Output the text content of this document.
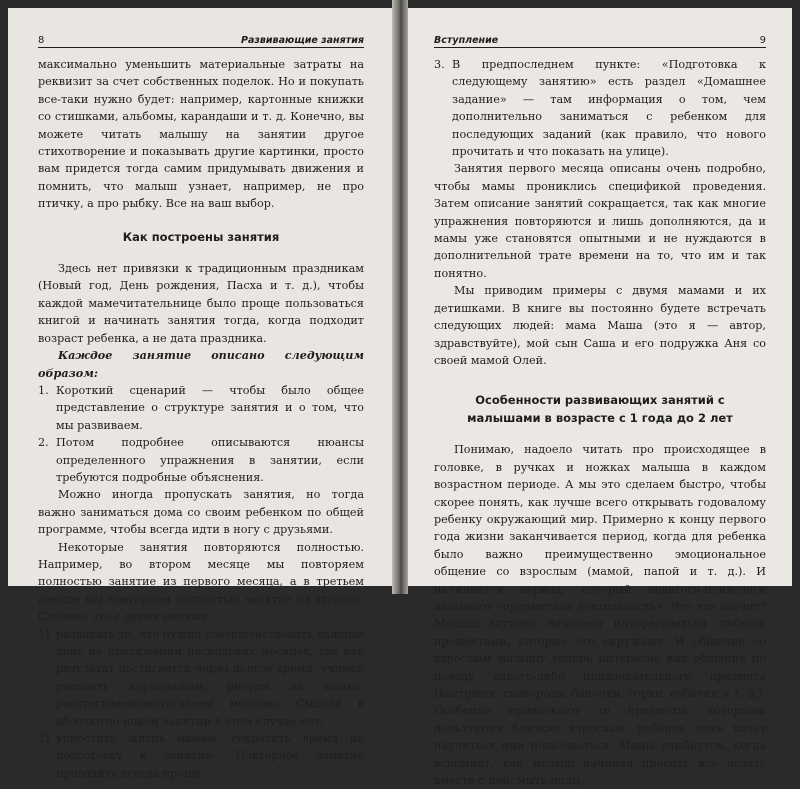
8	Развивающие занятия

максимально уменьшить материальные затраты на реквизит за счет собственных поделок. Но и покупать все-таки нужно будет: например, картонные книжки со стишками, альбомы, карандаши и т. д. Конечно, вы можете читать малышу на занятии другое стихотворение и показывать другие картинки, просто вам придется тогда самим придумывать движения и помнить, что малыш узнает, например, не про птичку, а про рыбку. Все на ваш выбор.

Как построены занятия

Здесь нет привязки к традиционным праздникам (Новый год, День рождения, Пасха и т. д.), чтобы каждой мамечитательнице было проще пользоваться книгой и начинать занятия тогда, когда подходит возраст ребенка, а не дата праздника.

Каждое занятие описано следующим образом:

1. Короткий сценарий — чтобы было общее представление о структуре занятия и о том, что мы развиваем.
2. Потом подробнее описываются нюансы определенного упражнения в занятии, если требуются подробные объяснения.

Можно иногда пропускать занятия, но тогда важно заниматься дома со своим ребенком по общей программе, чтобы всегда идти в ногу с друзьями.

Некоторые занятия повторяются полностью. Например, во втором месяце мы повторяем полностью занятие из первого месяца, а в третьем месяце мы повторяем полностью занятие из второго. Сделано это с двумя целями:

1) развивать то, что нужно совершенствовать каждый день на протяжении нескольких месяцев, так как результат достигается через долгое время: учимся рисовать карандашом, рисуем на манке, расстегиваем/застегиваем молнию. Смысла в абсолютно новом занятии в этом случае нет;
2) упростить жизнь мамам: сократить время на подготовку к занятию. Повторное занятие проводить всегда проще.
Вступление	9
3. В предпоследнем пункте: «Подготовка к следующему занятию» есть раздел «Домашнее задание» — там информация о том, чем дополнительно заниматься с ребенком для последующих заданий (как правило, что нового прочитать и что показать на улице).

Занятия первого месяца описаны очень подробно, чтобы мамы прониклись спецификой проведения. Затем описание занятий сокращается, так как многие упражнения повторяются и лишь дополняются, да и мамы уже становятся опытными и не нуждаются в дополнительной трате времени на то, что им и так понятно.

Мы приводим примеры с двумя мамами и их детишками. В книге вы постоянно будете встречать следующих людей: мама Маша (это я — автор, здравствуйте), мой сын Саша и его подружка Аня со своей мамой Олей.

Особенности развивающих занятий с малышами в возрасте с 1 года до 2 лет

Понимаю, надоело читать про происходящее в головке, в ручках и ножках малыша в каждом возрастном периоде. А мы это сделаем быстро, чтобы скорее понять, как лучше всего открывать годовалому ребенку окружающий мир. Примерно к концу первого года жизни заканчивается период, когда для ребенка было важно преимущественно эмоциональное общение со взрослым (мамой, папой и т. д.). И начинается период, который педагоги-психологи называют «предметная деятельность». Что это значит? Малыш активно начинает интересоваться любыми предметами, которые его окружают. И общение со взрослым малышу теперь интересно как общение по поводу какого-либо привлекательного предмета (кастрюля, сковорода, баночки, горки, собачки и т. д.). Особенно привлекают те предметы, которыми пользуются близкие взрослые, ребенок тоже хочет научиться ими пользоваться. Мамы улыбнутся, когда вспомнят, как малыш начинал просить все делать вместе с ней: мыть полы,
